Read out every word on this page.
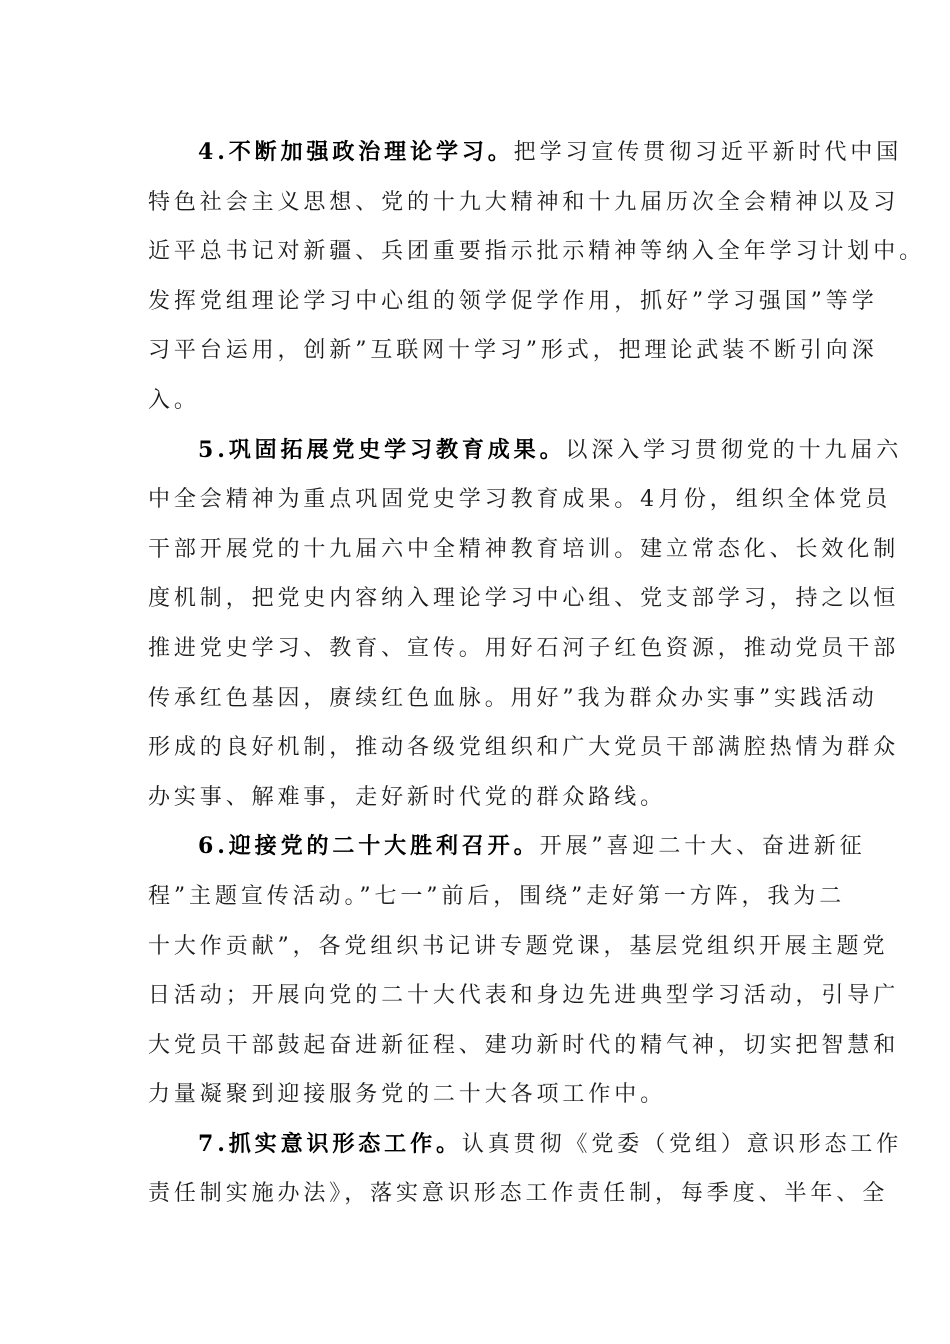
4.不断加强政治理论学习。把学习宣传贯彻习近平新时代中国
特色社会主义思想、党的十九大精神和十九届历次全会精神以及习
近平总书记对新疆、兵团重要指示批示精神等纳入全年学习计划中。
发挥党组理论学习中心组的领学促学作用，抓好”学习强国”等学
习平台运用，创新”互联网十学习”形式，把理论武装不断引向深
入。
5.巩固拓展党史学习教育成果。以深入学习贯彻党的十九届六
中全会精神为重点巩固党史学习教育成果。4月份，组织全体党员
干部开展党的十九届六中全精神教育培训。建立常态化、长效化制
度机制，把党史内容纳入理论学习中心组、党支部学习，持之以恒
推进党史学习、教育、宣传。用好石河子红色资源，推动党员干部
传承红色基因，赓续红色血脉。用好”我为群众办实事”实践活动
形成的良好机制，推动各级党组织和广大党员干部满腔热情为群众
办实事、解难事，走好新时代党的群众路线。
6.迎接党的二十大胜利召开。开展”喜迎二十大、奋进新征
程”主题宣传活动。”七一”前后，围绕”走好第一方阵，我为二
十大作贡献”，各党组织书记讲专题党课，基层党组织开展主题党
日活动；开展向党的二十大代表和身边先进典型学习活动，引导广
大党员干部鼓起奋进新征程、建功新时代的精气神，切实把智慧和
力量凝聚到迎接服务党的二十大各项工作中。
7.抓实意识形态工作。认真贯彻《党委（党组）意识形态工作
责任制实施办法》，落实意识形态工作责任制，每季度、半年、全
